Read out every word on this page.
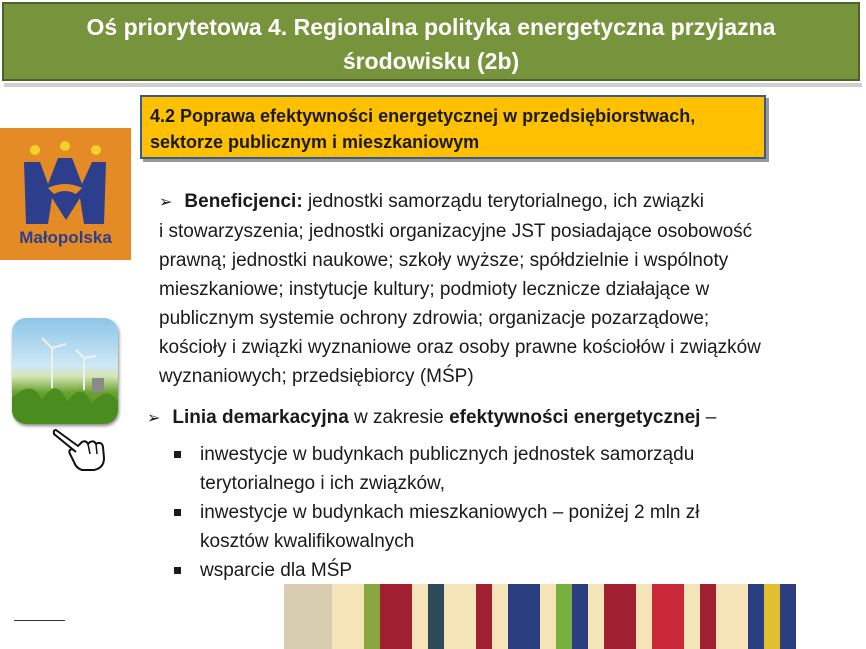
Oś priorytetowa 4. Regionalna polityka energetyczna przyjazna
środowisku (2b)
4.2 Poprawa efektywności energetycznej w przedsiębiorstwach,
sektorze publicznym i mieszkaniowym
Małopolska
➢ Beneficjenci: jednostki samorządu terytorialnego, ich związki
i stowarzyszenia; jednostki organizacyjne JST posiadające osobowość
prawną; jednostki naukowe; szkoły wyższe; spółdzielnie i wspólnoty
mieszkaniowe; instytucje kultury; podmioty lecznicze działające w
publicznym systemie ochrony zdrowia; organizacje pozarządowe;
kościoły i związki wyznaniowe oraz osoby prawne kościołów i związków
wyznaniowych; przedsiębiorcy (MŚP)
➢ Linia demarkacyjna w zakresie efektywności energetycznej –
inwestycje w budynkach publicznych jednostek samorządu
terytorialnego i ich związków,
inwestycje w budynkach mieszkaniowych – poniżej 2 mln zł
kosztów kwalifikowalnych
wsparcie dla MŚP
